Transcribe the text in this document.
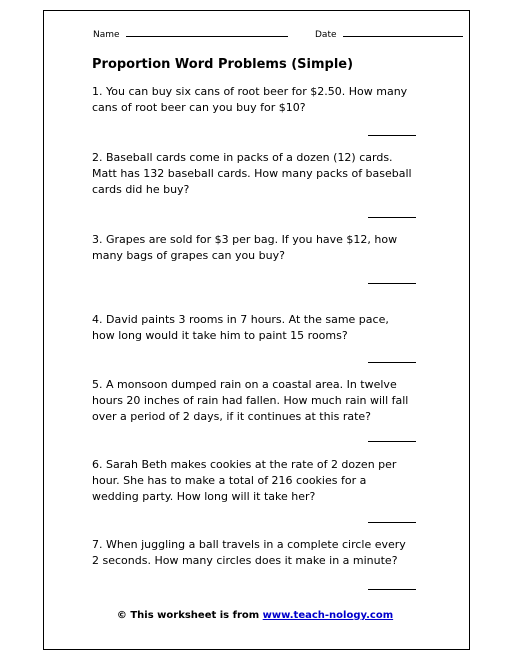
Name	Date
Proportion Word Problems (Simple)
1. You can buy six cans of root beer for $2.50. How many
cans of root beer can you buy for $10?
2. Baseball cards come in packs of a dozen (12) cards.
Matt has 132 baseball cards. How many packs of baseball
cards did he buy?
3. Grapes are sold for $3 per bag. If you have $12, how
many bags of grapes can you buy?
4. David paints 3 rooms in 7 hours. At the same pace,
how long would it take him to paint 15 rooms?
5. A monsoon dumped rain on a coastal area. In twelve
hours 20 inches of rain had fallen. How much rain will fall
over a period of 2 days, if it continues at this rate?
6. Sarah Beth makes cookies at the rate of 2 dozen per
hour. She has to make a total of 216 cookies for a
wedding party. How long will it take her?
7. When juggling a ball travels in a complete circle every
2 seconds. How many circles does it make in a minute?
© This worksheet is from www.teach-nology.com
